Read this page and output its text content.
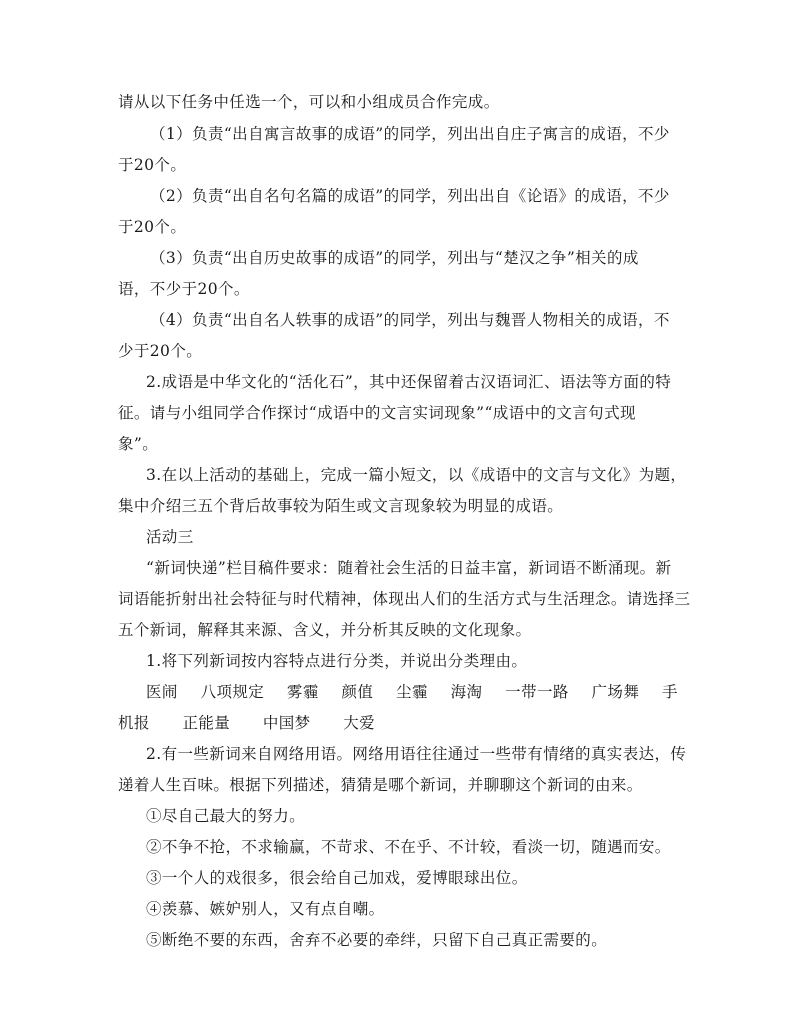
请从以下任务中任选一个，可以和小组成员合作完成。
（1）负责“出自寓言故事的成语”的同学，列出出自庄子寓言的成语，不少
于20个。
（2）负责“出自名句名篇的成语”的同学，列出出自《论语》的成语，不少
于20个。
（3）负责“出自历史故事的成语”的同学，列出与“楚汉之争”相关的成
语，不少于20个。
（4）负责“出自名人轶事的成语”的同学，列出与魏晋人物相关的成语，不
少于20个。
2.成语是中华文化的“活化石”，其中还保留着古汉语词汇、语法等方面的特
征。请与小组同学合作探讨“成语中的文言实词现象”“成语中的文言句式现
象”。
3.在以上活动的基础上，完成一篇小短文，以《成语中的文言与文化》为题，
集中介绍三五个背后故事较为陌生或文言现象较为明显的成语。
活动三
“新词快递”栏目稿件要求：随着社会生活的日益丰富，新词语不断涌现。新
词语能折射出社会特征与时代精神，体现出人们的生活方式与生活理念。请选择三
五个新词，解释其来源、含义，并分析其反映的文化现象。
1.将下列新词按内容特点进行分类，并说出分类理由。
医闹 八项规定 雾霾 颜值 尘霾 海淘 一带一路 广场舞 手
机报 正能量 中国梦 大爱
2.有一些新词来自网络用语。网络用语往往通过一些带有情绪的真实表达，传
递着人生百味。根据下列描述，猜猜是哪个新词，并聊聊这个新词的由来。
①尽自己最大的努力。
②不争不抢，不求输赢，不苛求、不在乎、不计较，看淡一切，随遇而安。
③一个人的戏很多，很会给自己加戏，爱博眼球出位。
④羡慕、嫉妒别人，又有点自嘲。
⑤断绝不要的东西，舍弃不必要的牵绊，只留下自己真正需要的。
